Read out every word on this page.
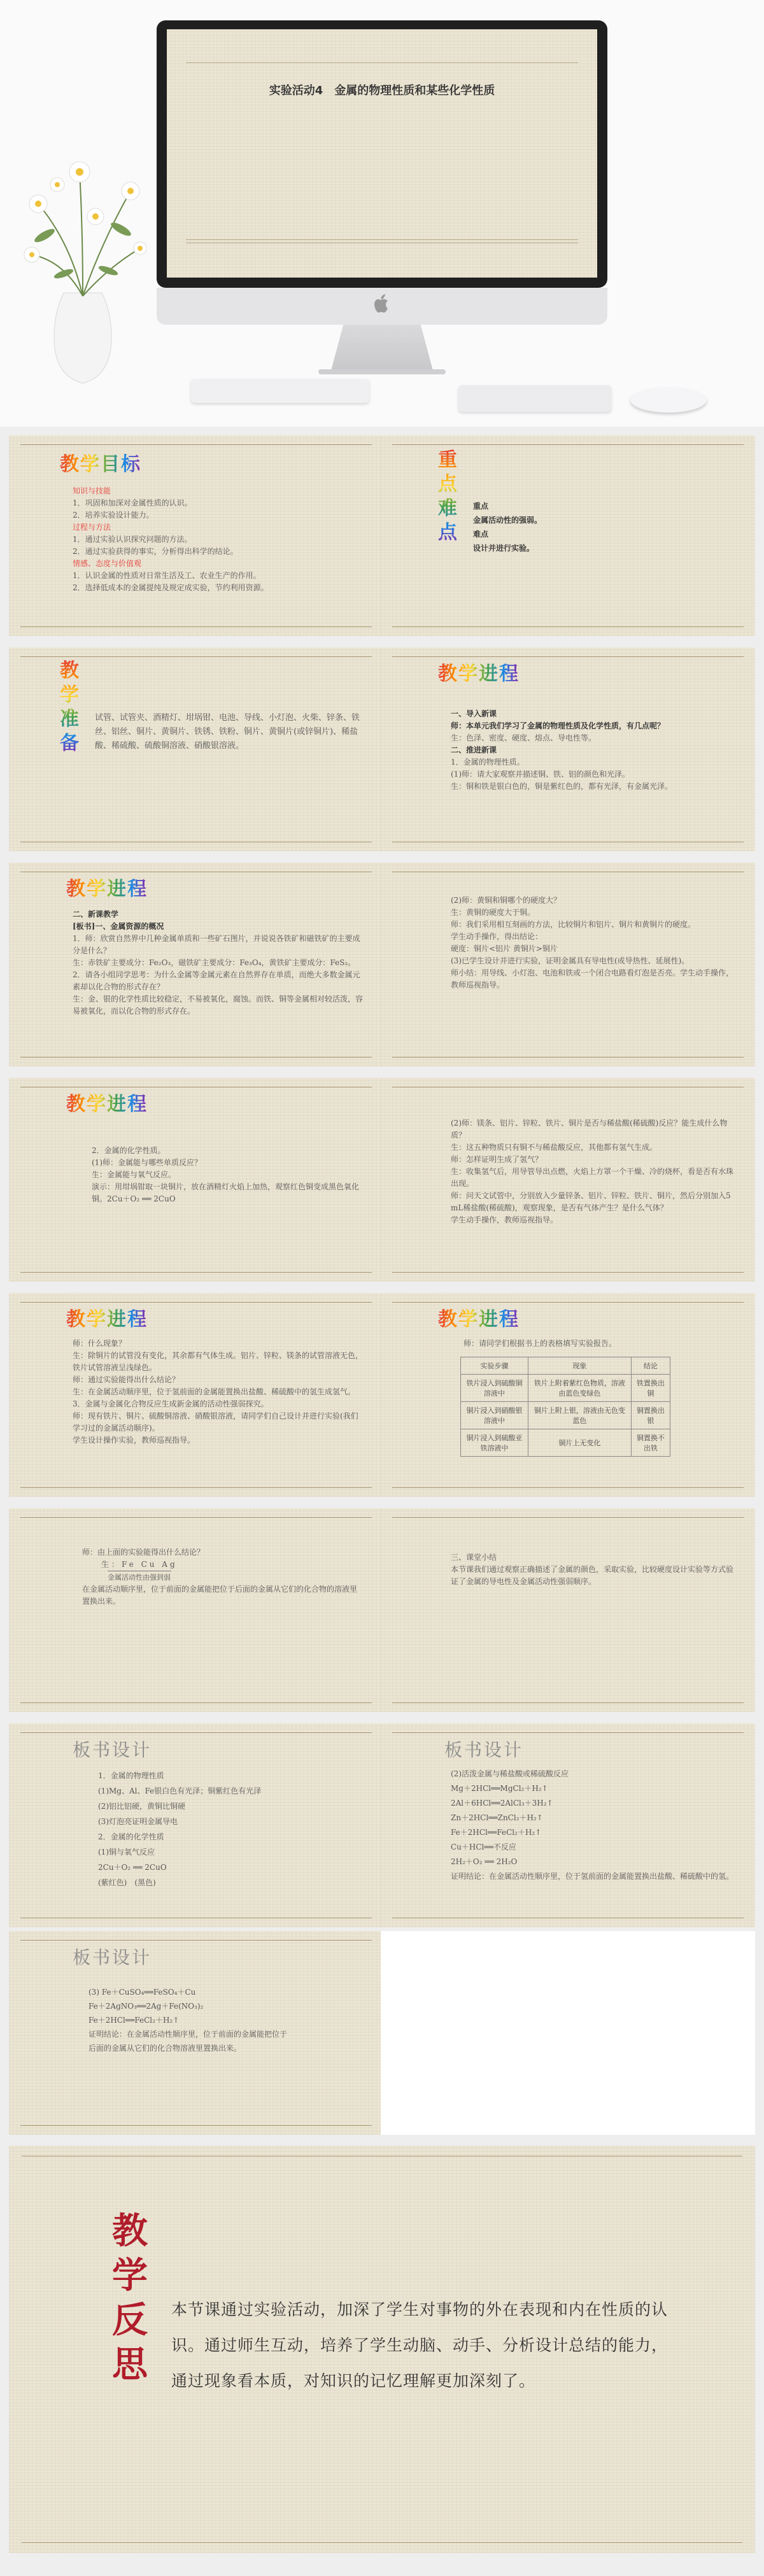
实验活动4　金属的物理性质和某些化学性质
教学目标

知识与技能

1．巩固和加深对金属性质的认识。

2．培养实验设计能力。

过程与方法

1．通过实验认识探究问题的方法。

2．通过实验获得的事实，分析得出科学的结论。

情感、态度与价值观

1．认识金属的性质对日常生活及工、农业生产的作用。

2．选择低成本的金属提纯及规定成实验，节约利用资源。

重
点
难
点

重点

金属活动性的强弱。

难点

设计并进行实验。

教
学
准
备
试管、试管夹、酒精灯、坩埚钳、电池、导线、小灯泡、火柴、锌条、铁丝、铝丝、铜片、黄铜片、铁锈、铁粉、铜片、黄铜片(或锌铜片)、稀盐酸、稀硫酸、硫酸铜溶液、硝酸银溶液。
教学进程

一、导入新课

师：本单元我们学习了金属的物理性质及化学性质，有几点呢？

生：色泽、密度、硬度、熔点、导电性等。

二、推进新课

1．金属的物理性质。

(1)师：请大家观察并描述铜、铁、铝的颜色和光泽。

生：铜和铁是银白色的，铜是紫红色的，都有光泽，有金属光泽。

教学进程

二、新课教学

[板书]一、金属资源的概况

1．师：欣赏自然界中几种金属单质和一些矿石图片，并说说各铁矿和磁铁矿的主要成分是什么？

生：赤铁矿主要成分：Fe₂O₃，磁铁矿主要成分：Fe₃O₄，黄铁矿主要成分：FeS₂。

2．请各小组同学思考：为什么金属等金属元素在自然界存在单质，而绝大多数金属元素却以化合物的形式存在？

生：金、银的化学性质比较稳定，不易被氧化，腐蚀。而铁、铜等金属相对较活泼，容易被氧化，而以化合物的形式存在。

(2)师：黄铜和铜哪个的硬度大？

生：黄铜的硬度大于铜。

师：我们采用相互刻画的方法，比较铜片和铝片、铜片和黄铜片的硬度。

学生动手操作，得出结论：

硬度：铜片<铝片 黄铜片>铜片

(3)已学生设计并进行实验，证明金属具有导电性(或导热性、延展性)。

师小结：用导线、小灯泡、电池和铁或一个闭合电路看灯泡是否亮。学生动手操作，教师巡视指导。

教学进程

2．金属的化学性质。

(1)师：金属能与哪些单质反应？

生：金属能与氧气反应。

演示：用坩埚钳取一块铜片，放在酒精灯火焰上加热，观察红色铜变成黑色氧化铜。2Cu＋O₂ ══ 2CuO

(2)师：镁条、铝片、锌粒、铁片、铜片是否与稀盐酸(稀硫酸)反应？能生成什么物质？

生：这五种物质只有铜不与稀盐酸反应，其他都有氢气生成。

师：怎样证明生成了氢气？

生：收集氢气后，用导管导出点燃，火焰上方罩一个干燥、冷的烧杯，看是否有水珠出现。

师：问天文试管中，分别放入少量锌条、铝片、锌粒、铁片、铜片，然后分别加入5 mL稀盐酸(稀硫酸)，观察现象，是否有气体产生？是什么气体？

学生动手操作，教师巡视指导。

教学进程

师：什么现象？

生：除铜片的试管没有变化，其余都有气体生成。铝片、锌粒、镁条的试管溶液无色，铁片试管溶液呈浅绿色。

师：通过实验能得出什么结论？

生：在金属活动顺序里，位于氢前面的金属能置换出盐酸、稀硫酸中的氢生成氢气。

3．金属与金属化合物反应生成新金属的活动性强弱探究。

师：现有铁片、铜片、硫酸铜溶液、硝酸银溶液，请同学们自己设计并进行实验(我们学习过的金属活动顺序)。

学生设计操作实验，教师巡视指导。

教学进程
师：请同学们根据书上的表格填写实验报告。
实验步骤	现象	结论
铁片浸入到硫酸铜溶液中	铁片上附着紫红色物质，溶液由蓝色变绿色	铁置换出铜
铜片浸入到硝酸银溶液中	铜片上附上银，溶液由无色变蓝色	铜置换出银
铜片浸入到硫酸亚铁溶液中	铜片上无变化	铜置换不出铁

师：由上面的实验能得出什么结论？

生：Fe Cu Ag

金属活动性由强到弱

在金属活动顺序里，位于前面的金属能把位于后面的金属从它们的化合物的溶液里置换出来。

三、课堂小结

本节课我们通过观察正确描述了金属的颜色，采取实验，比较硬度设计实验等方式验证了金属的导电性及金属活动性强弱顺序。

板书设计

1．金属的物理性质

(1)Mg、Al、Fe银白色有光泽；铜紫红色有光泽

(2)铝比铝硬，黄铜比铜硬

(3)灯泡亮证明金属导电

2．金属的化学性质

(1)铜与氧气反应

2Cu＋O₂ ══ 2CuO

(紫红色)　(黑色)

板书设计

(2)活泼金属与稀盐酸或稀硫酸反应

Mg＋2HCl══MgCl₂＋H₂↑

2Al＋6HCl══2AlCl₃＋3H₂↑

Zn＋2HCl══ZnCl₂＋H₂↑

Fe＋2HCl══FeCl₂＋H₂↑

Cu＋HCl══不反应

2H₂＋O₂ ══ 2H₂O

证明结论：在金属活动性顺序里，位于氢前面的金属能置换出盐酸、稀硫酸中的氢。

板书设计

(3) Fe＋CuSO₄══FeSO₄＋Cu

Fe＋2AgNO₃══2Ag＋Fe(NO₃)₂

Fe＋2HCl══FeCl₂＋H₂↑

证明结论：在金属活动性顺序里，位于前面的金属能把位于

后面的金属从它们的化合物溶液里置换出来。

教
学
反
思
本节课通过实验活动，加深了学生对事物的外在表现和内在性质的认识。通过师生互动，培养了学生动脑、动手、分析设计总结的能力，通过现象看本质，对知识的记忆理解更加深刻了。
